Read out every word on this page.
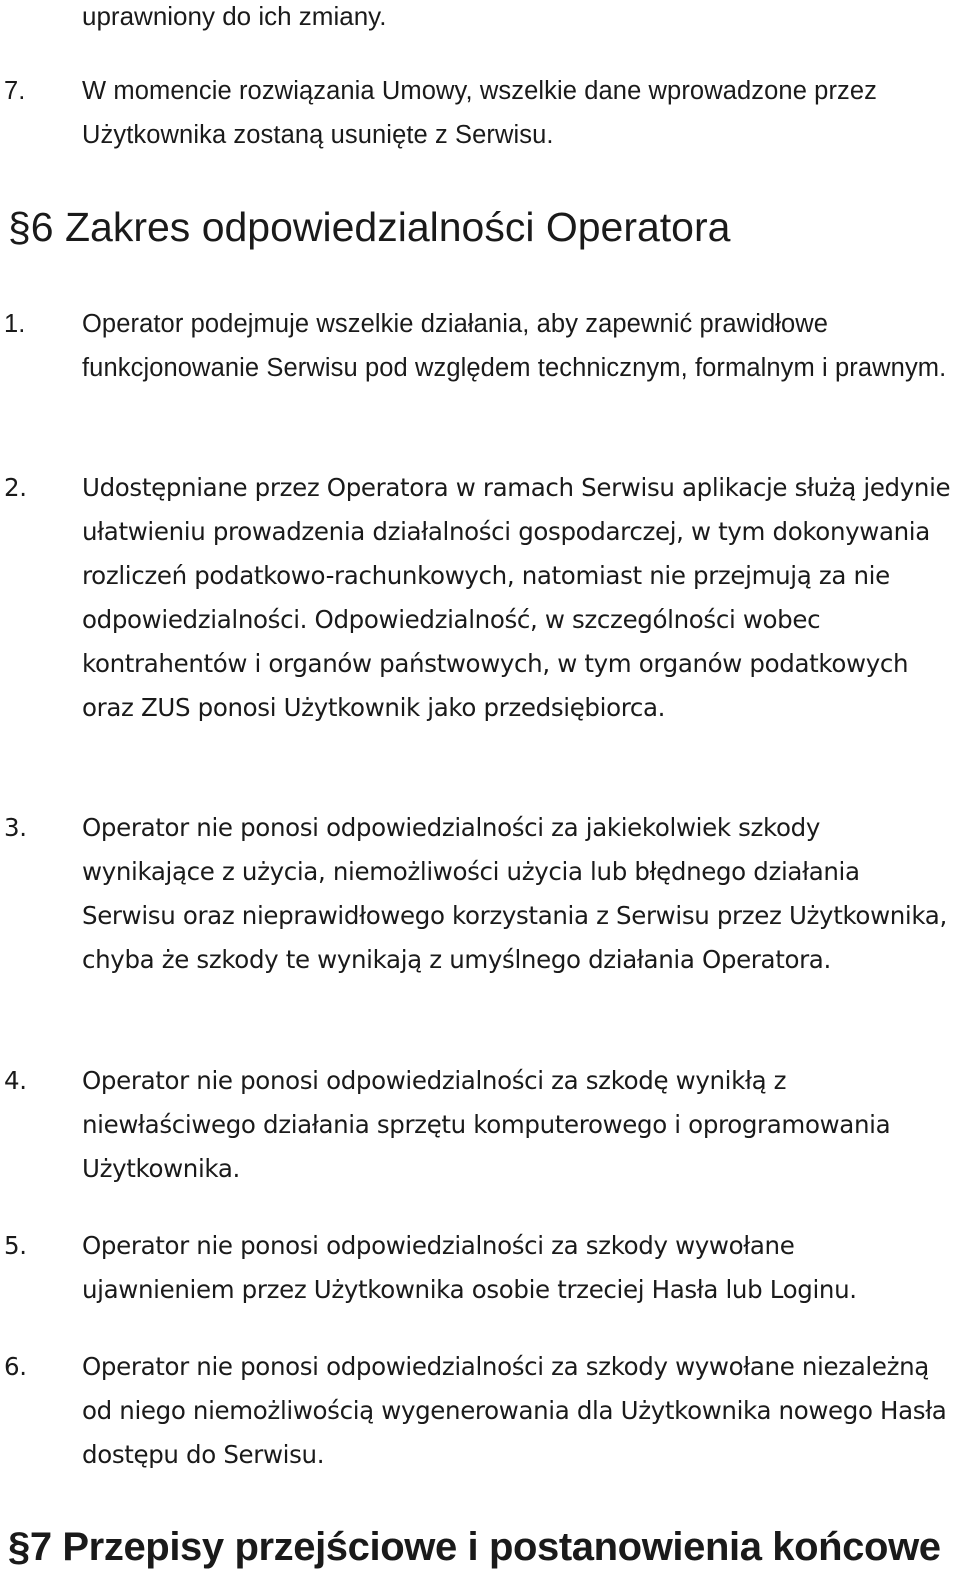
uprawniony do ich zmiany.

7. W momencie rozwiązania Umowy, wszelkie dane wprowadzone przez Użytkownika zostaną usunięte z Serwisu.

§6 Zakres odpowiedzialności Operatora

1. Operator podejmuje wszelkie działania, aby zapewnić prawidłowe funkcjonowanie Serwisu pod względem technicznym, formalnym i prawnym.

2. Udostępniane przez Operatora w ramach Serwisu aplikacje służą jedynie ułatwieniu prowadzenia działalności gospodarczej, w tym dokonywania rozliczeń podatkowo-rachunkowych, natomiast nie przejmują za nie odpowiedzialności. Odpowiedzialność, w szczególności wobec kontrahentów i organów państwowych, w tym organów podatkowych oraz ZUS ponosi Użytkownik jako przedsiębiorca.

3. Operator nie ponosi odpowiedzialności za jakiekolwiek szkody wynikające z użycia, niemożliwości użycia lub błędnego działania Serwisu oraz nieprawidłowego korzystania z Serwisu przez Użytkownika, chyba że szkody te wynikają z umyślnego działania Operatora.

4. Operator nie ponosi odpowiedzialności za szkodę wynikłą z niewłaściwego działania sprzętu komputerowego i oprogramowania Użytkownika.

5. Operator nie ponosi odpowiedzialności za szkody wywołane ujawnieniem przez Użytkownika osobie trzeciej Hasła lub Loginu.

6. Operator nie ponosi odpowiedzialności za szkody wywołane niezależną od niego niemożliwością wygenerowania dla Użytkownika nowego Hasła dostępu do Serwisu.

§7 Przepisy przejściowe i postanowienia końcowe
